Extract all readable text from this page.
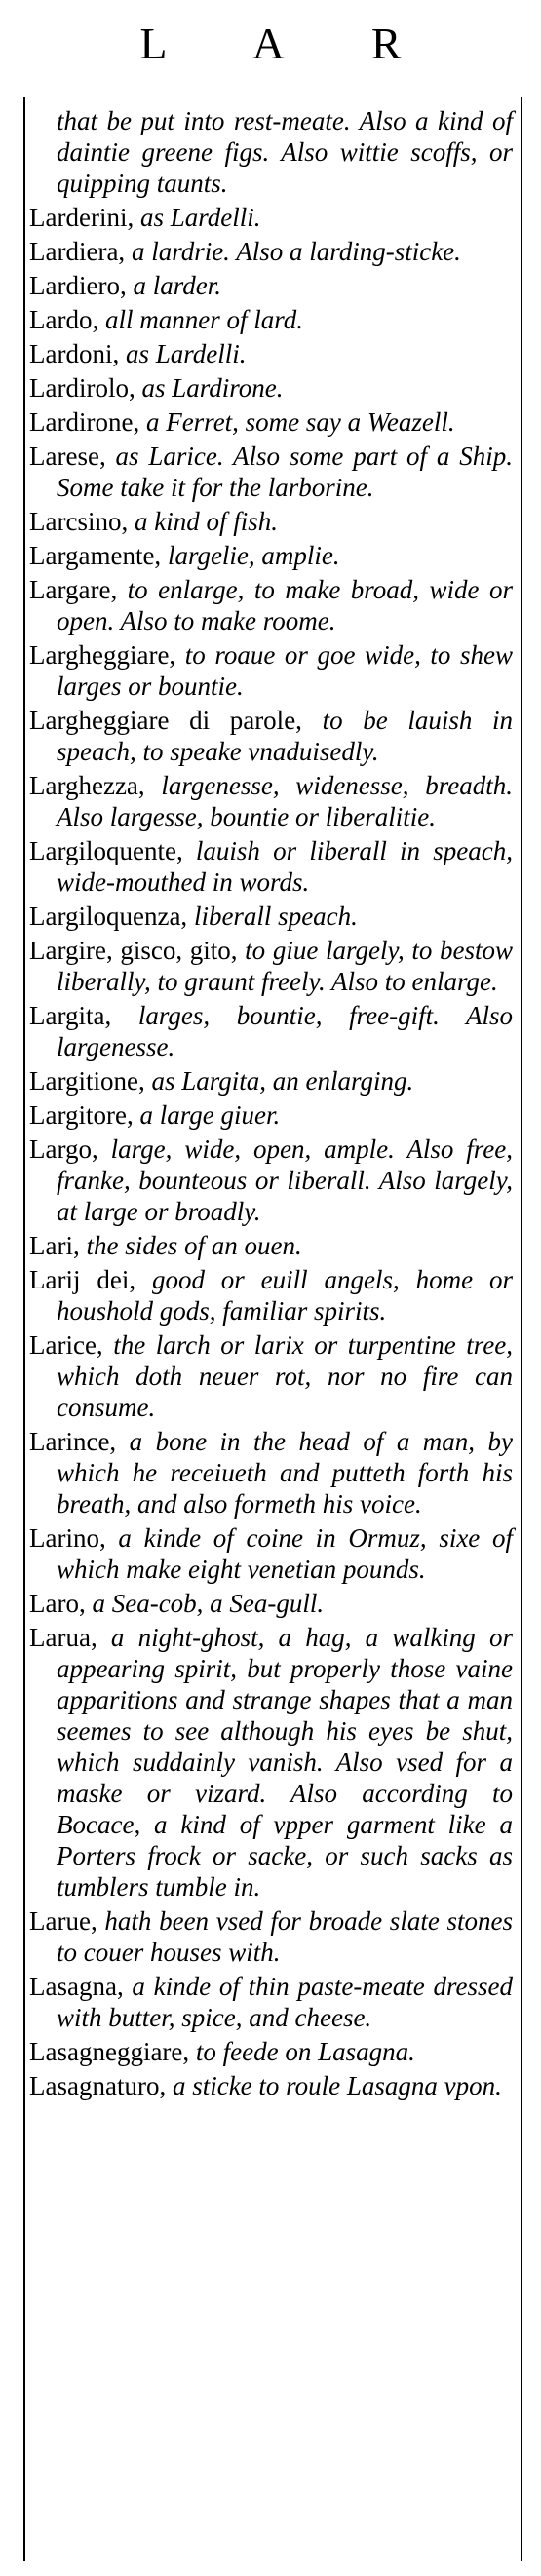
L A R
that be put into rest-meate. Also a kind of daintie greene figs. Also wittie scoffs, or quipping taunts.
Larderini, as Lardelli.
Lardiera, a lardrie. Also a larding-sticke.
Lardiero, a larder.
Lardo, all manner of lard.
Lardoni, as Lardelli.
Lardirolo, as Lardirone.
Lardirone, a Ferret, some say a Weazell.
Larese, as Larice. Also some part of a Ship. Some take it for the larborine.
Larcsino, a kind of fish.
Largamente, largelie, amplie.
Largare, to enlarge, to make broad, wide or open. Also to make roome.
Largheggiare, to roaue or goe wide, to shew larges or bountie.
Largheggiare di parole, to be lauish in speach, to speake vnaduisedly.
Larghezza, largenesse, widenesse, breadth. Also largesse, bountie or liberalitie.
Largiloquente, lauish or liberall in speach, wide-mouthed in words.
Largiloquenza, liberall speach.
Largire, gisco, gito, to giue largely, to bestow liberally, to graunt freely. Also to enlarge.
Largita, larges, bountie, free-gift. Also largenesse.
Largitione, as Largita, an enlarging.
Largitore, a large giuer.
Largo, large, wide, open, ample. Also free, franke, bounteous or liberall. Also largely, at large or broadly.
Lari, the sides of an ouen.
Larij dei, good or euill angels, home or houshold gods, familiar spirits.
Larice, the larch or larix or turpentine tree, which doth neuer rot, nor no fire can consume.
Larince, a bone in the head of a man, by which he receiueth and putteth forth his breath, and also formeth his voice.
Larino, a kinde of coine in Ormuz, sixe of which make eight venetian pounds.
Laro, a Sea-cob, a Sea-gull.
Larua, a night-ghost, a hag, a walking or appearing spirit, but properly those vaine apparitions and strange shapes that a man seemes to see although his eyes be shut, which suddainly vanish. Also vsed for a maske or vizard. Also according to Bocace, a kind of vpper garment like a Porters frock or sacke, or such sacks as tumblers tumble in.
Larue, hath been vsed for broade slate stones to couer houses with.
Lasagna, a kinde of thin paste-meate dressed with butter, spice, and cheese.
Lasagneggiare, to feede on Lasagna.
Lasagnaturo, a sticke to roule Lasagna vpon.
